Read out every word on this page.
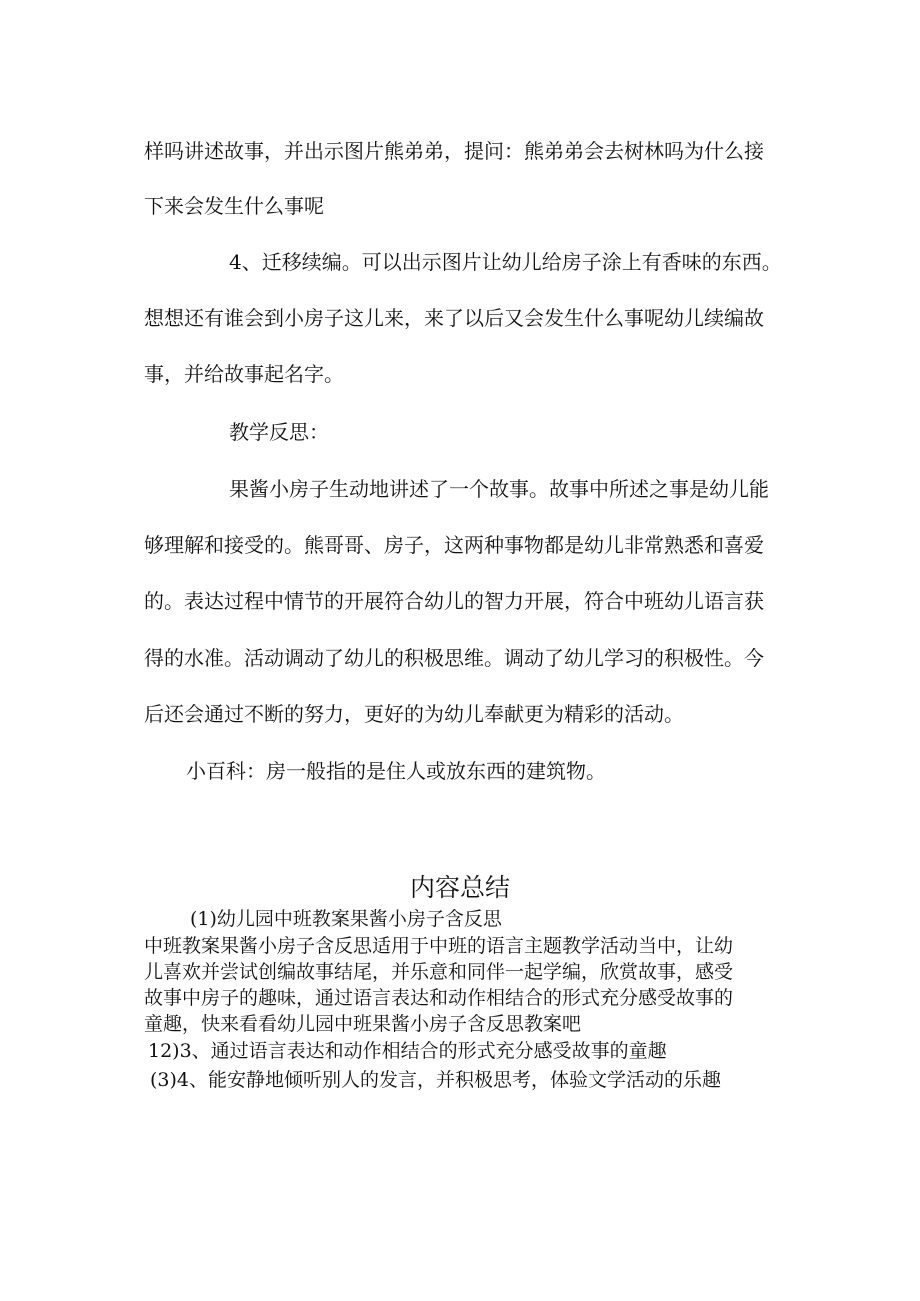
样吗讲述故事，并出示图片熊弟弟，提问：熊弟弟会去树林吗为什么接
下来会发生什么事呢
4、迁移续编。可以出示图片让幼儿给房子涂上有香味的东西。
想想还有谁会到小房子这儿来，来了以后又会发生什么事呢幼儿续编故
事，并给故事起名字。
教学反思：
果酱小房子生动地讲述了一个故事。故事中所述之事是幼儿能
够理解和接受的。熊哥哥、房子，这两种事物都是幼儿非常熟悉和喜爱
的。表达过程中情节的开展符合幼儿的智力开展，符合中班幼儿语言获
得的水准。活动调动了幼儿的积极思维。调动了幼儿学习的积极性。今
后还会通过不断的努力，更好的为幼儿奉献更为精彩的活动。
小百科：房一般指的是住人或放东西的建筑物。
内容总结
(1)幼儿园中班教案果酱小房子含反思
中班教案果酱小房子含反思适用于中班的语言主题教学活动当中，让幼
儿喜欢并尝试创编故事结尾，并乐意和同伴一起学编，欣赏故事，感受
故事中房子的趣味，通过语言表达和动作相结合的形式充分感受故事的
童趣，快来看看幼儿园中班果酱小房子含反思教案吧
12)3、通过语言表达和动作相结合的形式充分感受故事的童趣
(3)4、能安静地倾听别人的发言，并积极思考，体验文学活动的乐趣
